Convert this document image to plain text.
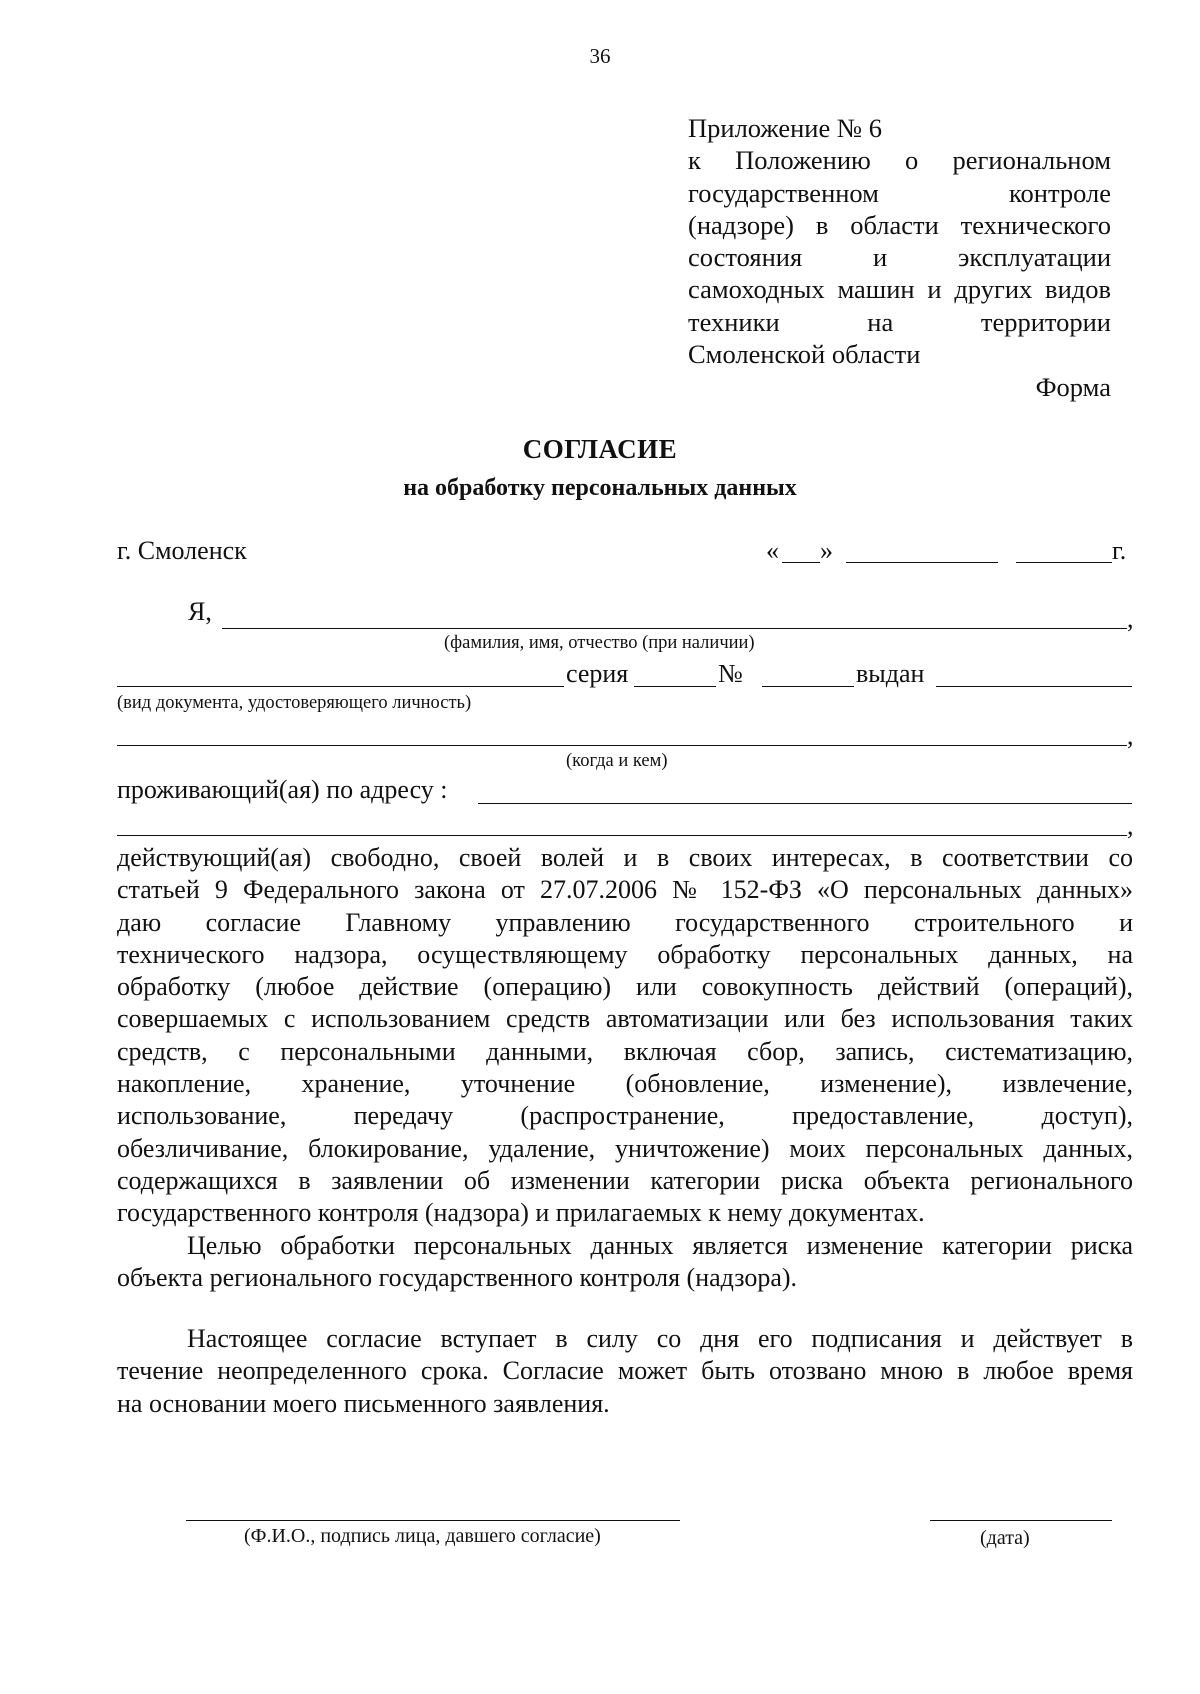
36
Приложение № 6
к Положению о региональном
государственном контроле
(надзоре) в области технического
состояния и эксплуатации
самоходных машин и других видов
техники на территории
Смоленской области
Форма
СОГЛАСИЕ
на обработку персональных данных
г. Смоленск	« »	г.
Я,	,
(фамилия, имя, отчество (при наличии)
серия	№	выдан
(вид документа, удостоверяющего личность)
,
(когда и кем)
проживающий(ая) по адресу :
,
действующий(ая) свободно, своей волей и в своих интересах, в соответствии со
статьей 9 Федерального закона от 27.07.2006 № 152-ФЗ «О персональных данных»
даю согласие Главному управлению государственного строительного и
технического надзора, осуществляющему обработку персональных данных, на
обработку (любое действие (операцию) или совокупность действий (операций),
совершаемых с использованием средств автоматизации или без использования таких
средств, с персональными данными, включая сбор, запись, систематизацию,
накопление, хранение, уточнение (обновление, изменение), извлечение,
использование, передачу (распространение, предоставление, доступ),
обезличивание, блокирование, удаление, уничтожение) моих персональных данных,
содержащихся в заявлении об изменении категории риска объекта регионального
государственного контроля (надзора) и прилагаемых к нему документах.
Целью обработки персональных данных является изменение категории риска
объекта регионального государственного контроля (надзора).
Настоящее согласие вступает в силу со дня его подписания и действует в
течение неопределенного срока. Согласие может быть отозвано мною в любое время
на основании моего письменного заявления.
(Ф.И.О., подпись лица, давшего согласие)	(дата)
